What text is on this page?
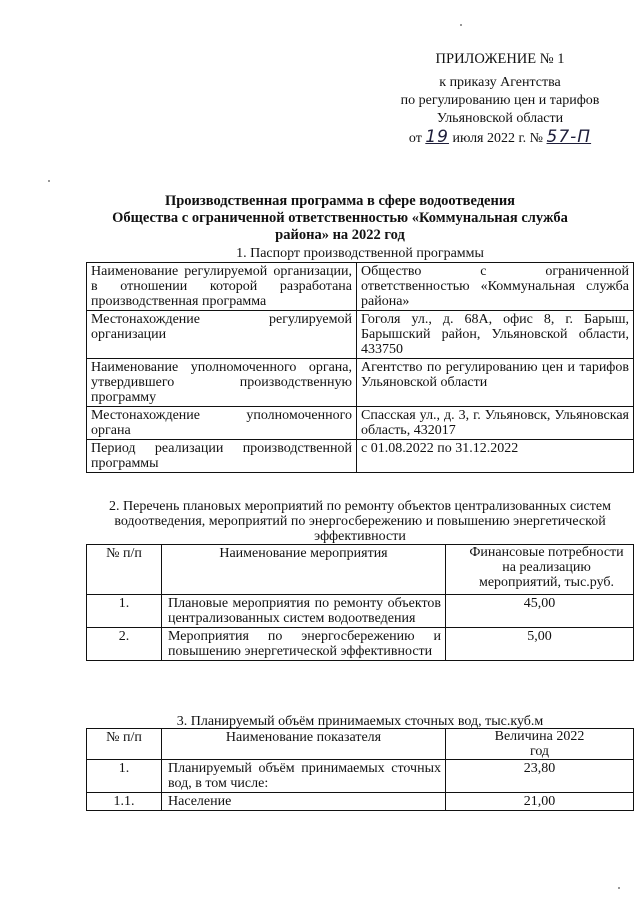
ПРИЛОЖЕНИЕ № 1
к приказу Агентства
по регулированию цен и тарифов
Ульяновской области
от 19 июля 2022 г. № 57-П
Производственная программа в сфере водоотведения
Общества с ограниченной ответственностью «Коммунальная служба
района» на 2022 год
1. Паспорт производственной программы
Наименование регулируемой организации, в отношении которой разработана производственная программа	Общество с ограниченной ответственностью «Коммунальная служба района»
Местонахождение регулируемой организации	Гоголя ул., д. 68А, офис 8, г. Барыш, Барышский район, Ульяновской области, 433750
Наименование уполномоченного органа, утвердившего производственную программу	Агентство по регулированию цен и тарифов Ульяновской области
Местонахождение уполномоченного органа	Спасская ул., д. 3, г. Ульяновск, Ульяновская область, 432017
Период реализации производственной программы	с 01.08.2022 по 31.12.2022
2. Перечень плановых мероприятий по ремонту объектов централизованных систем водоотведения, мероприятий по энергосбережению и повышению энергетической эффективности
№ п/п	Наименование мероприятия	Финансовые потребности на реализацию мероприятий, тыс.руб.
1.	Плановые мероприятия по ремонту объектов централизованных систем водоотведения	45,00
2.	Мероприятия по энергосбережению и повышению энергетической эффективности	5,00
3. Планируемый объём принимаемых сточных вод, тыс.куб.м
№ п/п	Наименование показателя	Величина 2022 год
1.	Планируемый объём принимаемых сточных вод, в том числе:	23,80
1.1.	Население	21,00
